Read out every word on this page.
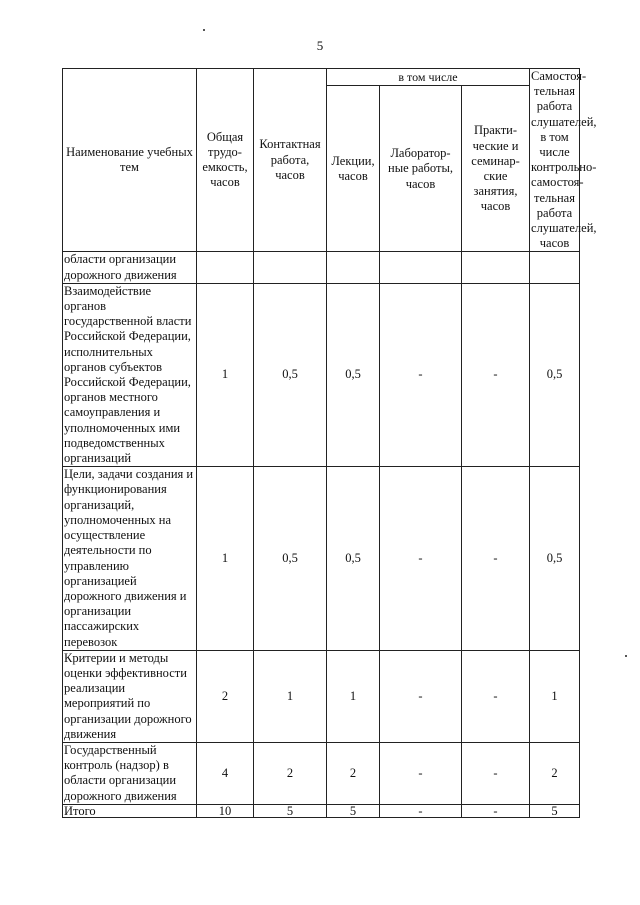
5
Наименование учебных тем	Общая трудо-емкость, часов	Контактная работа, часов	в том числе			Самостоя-тельная работа слушателей, в том числе контрольно-самостоя-тельная работа слушателей, часов
			Лекции, часов	Лаборатор-ные работы, часов	Практи-ческие и семинар-ские занятия, часов	
области организации дорожного движения						
Взаимодействие органов государственной власти Российской Федерации, исполнительных органов субъектов Российской Федерации, органов местного самоуправления и уполномоченных ими подведомственных организаций	1	0,5	0,5	-	-	0,5
Цели, задачи создания и функционирования организаций, уполномоченных на осуществление деятельности по управлению организацией дорожного движения и организации пассажирских перевозок	1	0,5	0,5	-	-	0,5
Критерии и методы оценки эффективности реализации мероприятий по организации дорожного движения	2	1	1	-	-	1
Государственный контроль (надзор) в области организации дорожного движения	4	2	2	-	-	2
Итого	10	5	5	-	-	5
